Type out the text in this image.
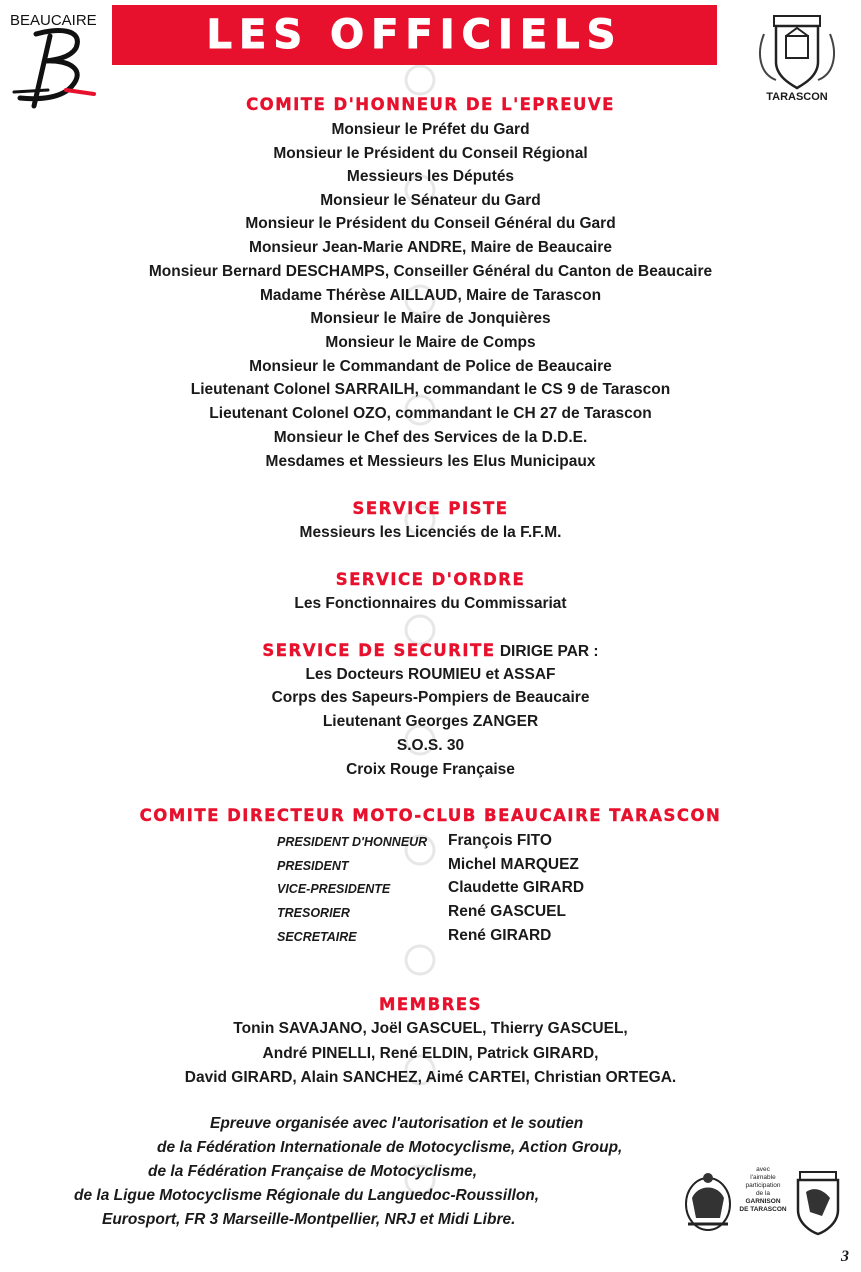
BEAUCAIRE	LES OFFICIELS
TARASCON
COMITE D'HONNEUR DE L'EPREUVE
Monsieur le Préfet du Gard
Monsieur le Président du Conseil Régional
Messieurs les Députés
Monsieur le Sénateur du Gard
Monsieur le Président du Conseil Général du Gard
Monsieur Jean-Marie ANDRE, Maire de Beaucaire
Monsieur Bernard DESCHAMPS, Conseiller Général du Canton de Beaucaire
Madame Thérèse AILLAUD, Maire de Tarascon
Monsieur le Maire de Jonquières
Monsieur le Maire de Comps
Monsieur le Commandant de Police de Beaucaire
Lieutenant Colonel SARRAILH, commandant le CS 9 de Tarascon
Lieutenant Colonel OZO, commandant le CH 27 de Tarascon
Monsieur le Chef des Services de la D.D.E.
Mesdames et Messieurs les Elus Municipaux
SERVICE PISTE
Messieurs les Licenciés de la F.F.M.
SERVICE D'ORDRE
Les Fonctionnaires du Commissariat
SERVICE DE SECURITE DIRIGE PAR :
Les Docteurs ROUMIEU et ASSAF
Corps des Sapeurs-Pompiers de Beaucaire
Lieutenant Georges ZANGER
S.O.S. 30
Croix Rouge Française
COMITE DIRECTEUR MOTO-CLUB BEAUCAIRE TARASCON
PRESIDENT D'HONNEUR François FITO
PRESIDENT	Michel MARQUEZ
VICE-PRESIDENTE	Claudette GIRARD
TRESORIER	René GASCUEL
SECRETAIRE	René GIRARD
MEMBRES
Tonin SAVAJANO, Joël GASCUEL, Thierry GASCUEL,
André PINELLI, René ELDIN, Patrick GIRARD,
David GIRARD, Alain SANCHEZ, Aimé CARTEI, Christian ORTEGA.
Epreuve organisée avec l'autorisation et le soutien
de la Fédération Internationale de Motocyclisme, Action Group,
de la Fédération Française de Motocyclisme,
de la Ligue Motocyclisme Régionale du Languedoc-Roussillon,
Eurosport, FR 3 Marseille-Montpellier, NRJ et Midi Libre.
avec
l'aimable
participation
de la
GARNISON
DE TARASCON
3
